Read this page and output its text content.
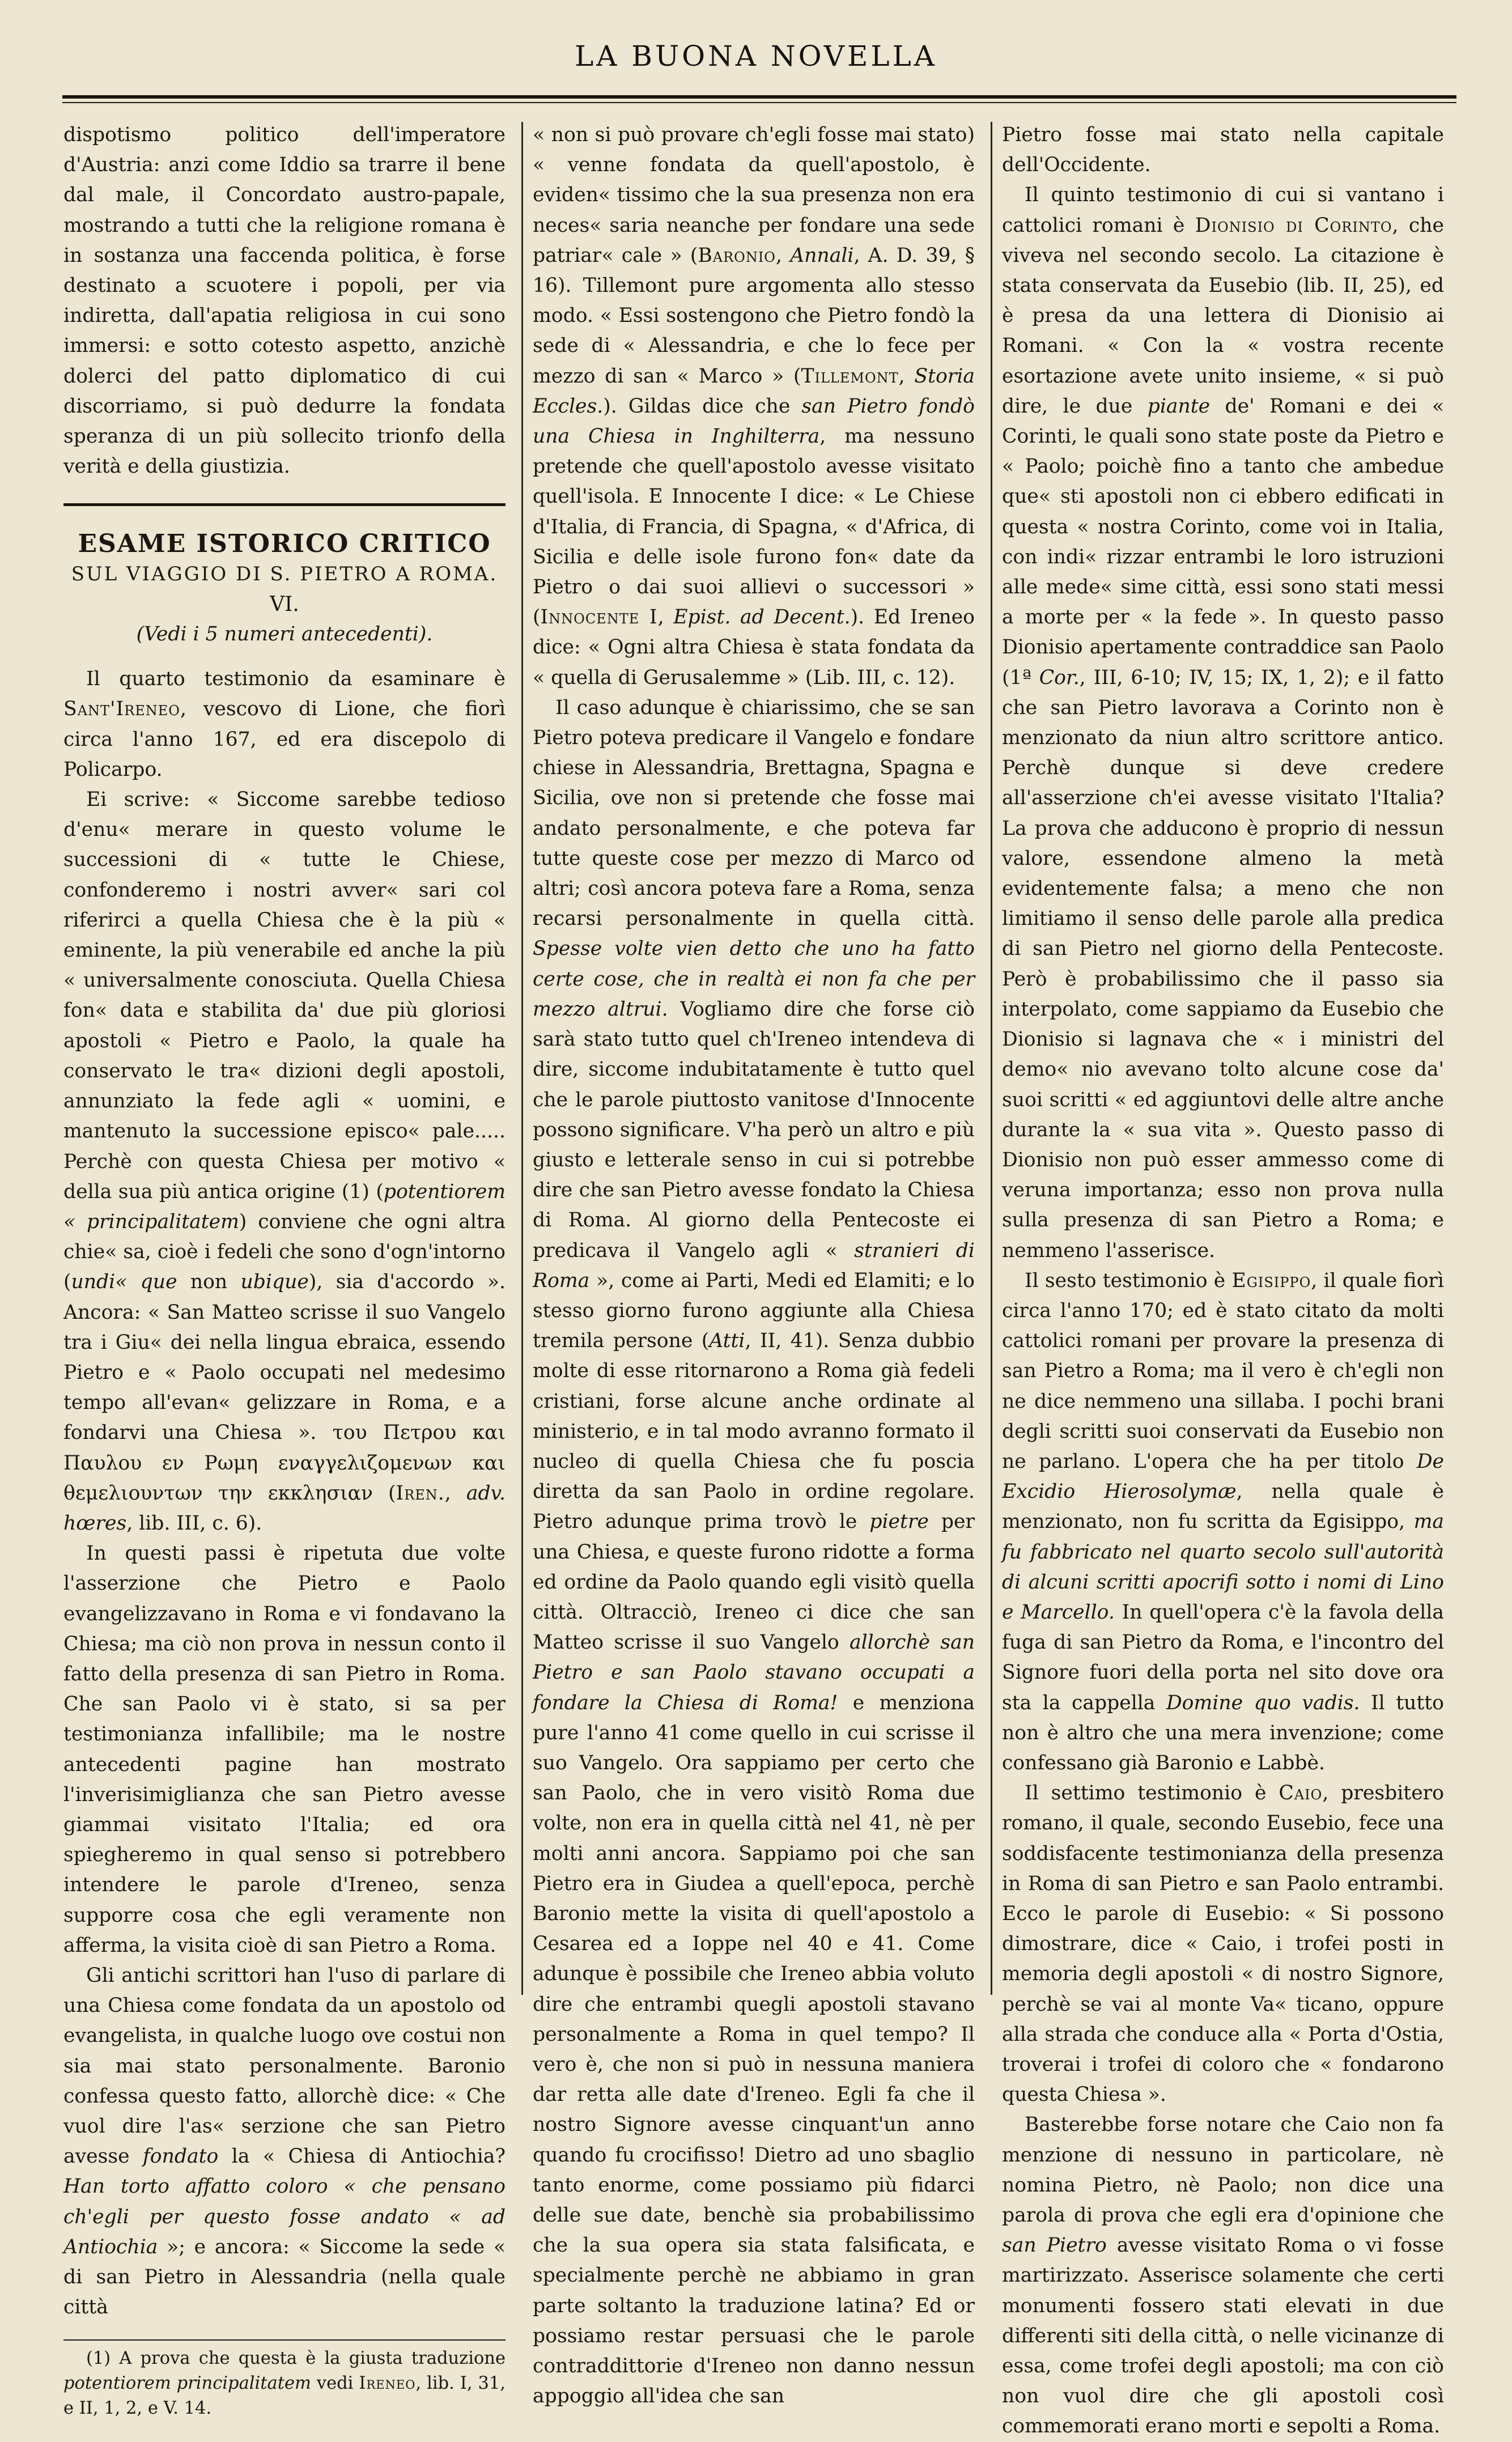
LA BUONA NOVELLA

dispotismo politico dell'imperatore d'Austria: anzi come Iddio sa trarre il bene dal male, il Concordato austro-papale, mostrando a tutti che la religione romana è in sostanza una faccenda politica, è forse destinato a scuotere i popoli, per via indiretta, dall'apatia religiosa in cui sono immersi: e sotto cotesto aspetto, anzichè dolerci del patto diplomatico di cui discorriamo, si può dedurre la fondata speranza di un più sollecito trionfo della verità e della giustizia.

ESAME ISTORICO CRITICO

SUL VIAGGIO DI S. PIETRO A ROMA.

VI.

(Vedi i 5 numeri antecedenti).

Il quarto testimonio da esaminare è Sant'Ireneo, vescovo di Lione, che fiorì circa l'anno 167, ed era discepolo di Policarpo.

Ei scrive: « Siccome sarebbe tedioso d'enu« merare in questo volume le successioni di « tutte le Chiese, confonderemo i nostri avver« sari col riferirci a quella Chiesa che è la più « eminente, la più venerabile ed anche la più « universalmente conosciuta. Quella Chiesa fon« data e stabilita da' due più gloriosi apostoli « Pietro e Paolo, la quale ha conservato le tra« dizioni degli apostoli, annunziato la fede agli « uomini, e mantenuto la successione episco« pale..... Perchè con questa Chiesa per motivo « della sua più antica origine (1) (potentiorem « principalitatem) conviene che ogni altra chie« sa, cioè i fedeli che sono d'ogn'intorno (undi« que non ubique), sia d'accordo ». Ancora: « San Matteo scrisse il suo Vangelo tra i Giu« dei nella lingua ebraica, essendo Pietro e « Paolo occupati nel medesimo tempo all'evan« gelizzare in Roma, e a fondarvi una Chiesa ». του Πετρου και Παυλου εν Ρωμη εναγγελιζομενων και θεμελιουντων την εκκλησιαν (Iren., adv. hœres, lib. III, c. 6).

In questi passi è ripetuta due volte l'asserzione che Pietro e Paolo evangelizzavano in Roma e vi fondavano la Chiesa; ma ciò non prova in nessun conto il fatto della presenza di san Pietro in Roma. Che san Paolo vi è stato, si sa per testimonianza infallibile; ma le nostre antecedenti pagine han mostrato l'inverisimiglianza che san Pietro avesse giammai visitato l'Italia; ed ora spiegheremo in qual senso si potrebbero intendere le parole d'Ireneo, senza supporre cosa che egli veramente non afferma, la visita cioè di san Pietro a Roma.

Gli antichi scrittori han l'uso di parlare di una Chiesa come fondata da un apostolo od evangelista, in qualche luogo ove costui non sia mai stato personalmente. Baronio confessa questo fatto, allorchè dice: « Che vuol dire l'as« serzione che san Pietro avesse fondato la « Chiesa di Antiochia? Han torto affatto coloro « che pensano ch'egli per questo fosse andato « ad Antiochia »; e ancora: « Siccome la sede « di san Pietro in Alessandria (nella quale città

(1) A prova che questa è la giusta traduzione potentiorem principalitatem vedi Ireneo, lib. I, 31, e II, 1, 2, e V. 14.

« non si può provare ch'egli fosse mai stato) « venne fondata da quell'apostolo, è eviden« tissimo che la sua presenza non era neces« saria neanche per fondare una sede patriar« cale » (Baronio, Annali, A. D. 39, § 16). Tillemont pure argomenta allo stesso modo. « Essi sostengono che Pietro fondò la sede di « Alessandria, e che lo fece per mezzo di san « Marco » (Tillemont, Storia Eccles.). Gildas dice che san Pietro fondò una Chiesa in Inghilterra, ma nessuno pretende che quell'apostolo avesse visitato quell'isola. E Innocente I dice: « Le Chiese d'Italia, di Francia, di Spagna, « d'Africa, di Sicilia e delle isole furono fon« date da Pietro o dai suoi allievi o successori » (Innocente I, Epist. ad Decent.). Ed Ireneo dice: « Ogni altra Chiesa è stata fondata da « quella di Gerusalemme » (Lib. III, c. 12).

Il caso adunque è chiarissimo, che se san Pietro poteva predicare il Vangelo e fondare chiese in Alessandria, Brettagna, Spagna e Sicilia, ove non si pretende che fosse mai andato personalmente, e che poteva far tutte queste cose per mezzo di Marco od altri; così ancora poteva fare a Roma, senza recarsi personalmente in quella città. Spesse volte vien detto che uno ha fatto certe cose, che in realtà ei non fa che per mezzo altrui. Vogliamo dire che forse ciò sarà stato tutto quel ch'Ireneo intendeva di dire, siccome indubitatamente è tutto quel che le parole piuttosto vanitose d'Innocente possono significare. V'ha però un altro e più giusto e letterale senso in cui si potrebbe dire che san Pietro avesse fondato la Chiesa di Roma. Al giorno della Pentecoste ei predicava il Vangelo agli « stranieri di Roma », come ai Parti, Medi ed Elamiti; e lo stesso giorno furono aggiunte alla Chiesa tremila persone (Atti, II, 41). Senza dubbio molte di esse ritornarono a Roma già fedeli cristiani, forse alcune anche ordinate al ministerio, e in tal modo avranno formato il nucleo di quella Chiesa che fu poscia diretta da san Paolo in ordine regolare. Pietro adunque prima trovò le pietre per una Chiesa, e queste furono ridotte a forma ed ordine da Paolo quando egli visitò quella città. Oltracciò, Ireneo ci dice che san Matteo scrisse il suo Vangelo allorchè san Pietro e san Paolo stavano occupati a fondare la Chiesa di Roma! e menziona pure l'anno 41 come quello in cui scrisse il suo Vangelo. Ora sappiamo per certo che san Paolo, che in vero visitò Roma due volte, non era in quella città nel 41, nè per molti anni ancora. Sappiamo poi che san Pietro era in Giudea a quell'epoca, perchè Baronio mette la visita di quell'apostolo a Cesarea ed a Ioppe nel 40 e 41. Come adunque è possibile che Ireneo abbia voluto dire che entrambi quegli apostoli stavano personalmente a Roma in quel tempo? Il vero è, che non si può in nessuna maniera dar retta alle date d'Ireneo. Egli fa che il nostro Signore avesse cinquant'un anno quando fu crocifisso! Dietro ad uno sbaglio tanto enorme, come possiamo più fidarci delle sue date, benchè sia probabilissimo che la sua opera sia stata falsificata, e specialmente perchè ne abbiamo in gran parte soltanto la traduzione latina? Ed or possiamo restar persuasi che le parole contraddittorie d'Ireneo non danno nessun appoggio all'idea che san

Pietro fosse mai stato nella capitale dell'Occidente.

Il quinto testimonio di cui si vantano i cattolici romani è Dionisio di Corinto, che viveva nel secondo secolo. La citazione è stata conservata da Eusebio (lib. II, 25), ed è presa da una lettera di Dionisio ai Romani. « Con la « vostra recente esortazione avete unito insieme, « si può dire, le due piante de' Romani e dei « Corinti, le quali sono state poste da Pietro e « Paolo; poichè fino a tanto che ambedue que« sti apostoli non ci ebbero edificati in questa « nostra Corinto, come voi in Italia, con indi« rizzar entrambi le loro istruzioni alle mede« sime città, essi sono stati messi a morte per « la fede ». In questo passo Dionisio apertamente contraddice san Paolo (1ª Cor., III, 6-10; IV, 15; IX, 1, 2); e il fatto che san Pietro lavorava a Corinto non è menzionato da niun altro scrittore antico. Perchè dunque si deve credere all'asserzione ch'ei avesse visitato l'Italia? La prova che adducono è proprio di nessun valore, essendone almeno la metà evidentemente falsa; a meno che non limitiamo il senso delle parole alla predica di san Pietro nel giorno della Pentecoste. Però è probabilissimo che il passo sia interpolato, come sappiamo da Eusebio che Dionisio si lagnava che « i ministri del demo« nio avevano tolto alcune cose da' suoi scritti « ed aggiuntovi delle altre anche durante la « sua vita ». Questo passo di Dionisio non può esser ammesso come di veruna importanza; esso non prova nulla sulla presenza di san Pietro a Roma; e nemmeno l'asserisce.

Il sesto testimonio è Egisippo, il quale fiorì circa l'anno 170; ed è stato citato da molti cattolici romani per provare la presenza di san Pietro a Roma; ma il vero è ch'egli non ne dice nemmeno una sillaba. I pochi brani degli scritti suoi conservati da Eusebio non ne parlano. L'opera che ha per titolo De Excidio Hierosolymæ, nella quale è menzionato, non fu scritta da Egisippo, ma fu fabbricato nel quarto secolo sull'autorità di alcuni scritti apocrifi sotto i nomi di Lino e Marcello. In quell'opera c'è la favola della fuga di san Pietro da Roma, e l'incontro del Signore fuori della porta nel sito dove ora sta la cappella Domine quo vadis. Il tutto non è altro che una mera invenzione; come confessano già Baronio e Labbè.

Il settimo testimonio è Caio, presbitero romano, il quale, secondo Eusebio, fece una soddisfacente testimonianza della presenza in Roma di san Pietro e san Paolo entrambi. Ecco le parole di Eusebio: « Si possono dimostrare, dice « Caio, i trofei posti in memoria degli apostoli « di nostro Signore, perchè se vai al monte Va« ticano, oppure alla strada che conduce alla « Porta d'Ostia, troverai i trofei di coloro che « fondarono questa Chiesa ».

Basterebbe forse notare che Caio non fa menzione di nessuno in particolare, nè nomina Pietro, nè Paolo; non dice una parola di prova che egli era d'opinione che san Pietro avesse visitato Roma o vi fosse martirizzato. Asserisce solamente che certi monumenti fossero stati elevati in due differenti siti della città, o nelle vicinanze di essa, come trofei degli apostoli; ma con ciò non vuol dire che gli apostoli così commemorati erano morti e sepolti a Roma.
